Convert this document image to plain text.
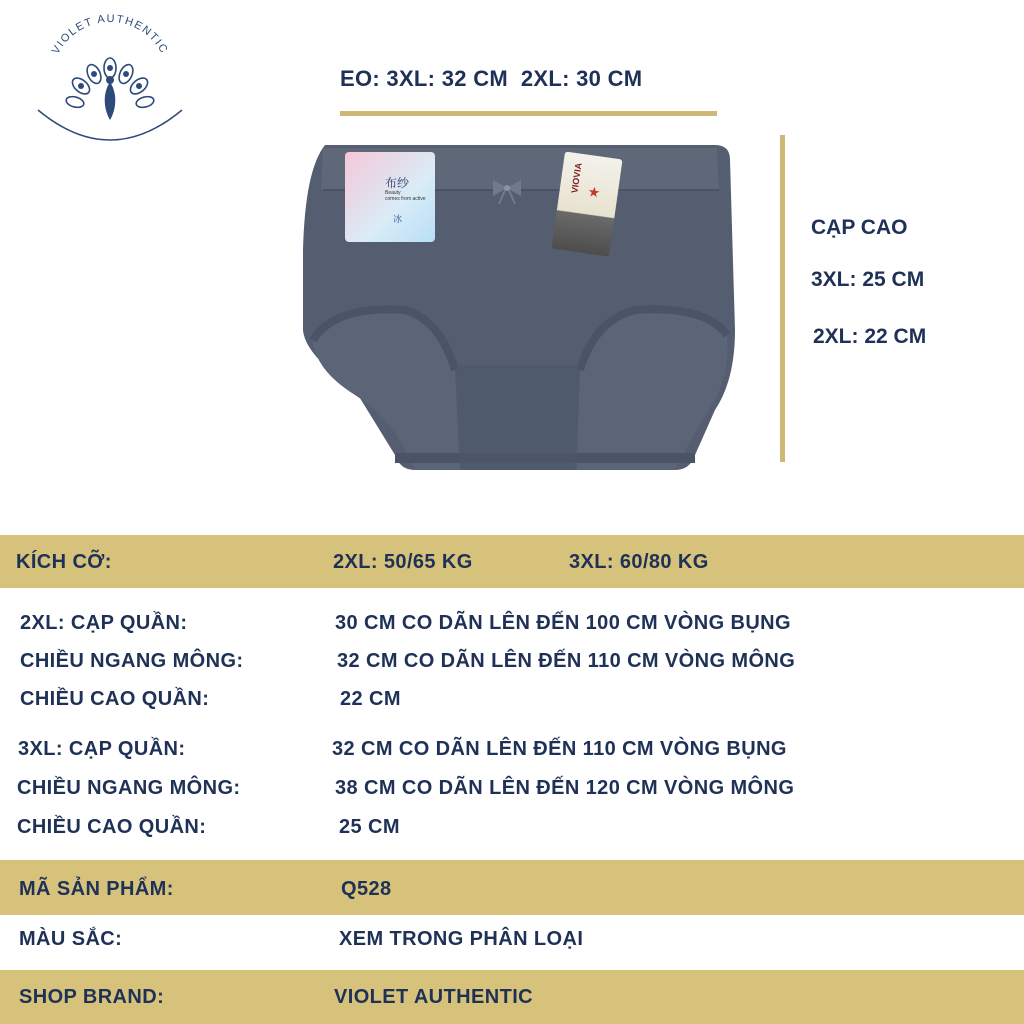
VIOLET AUTHENTIC
EO: 3XL: 32 CM  2XL: 30 CM
布纱
Beauty
comes from active
冰
VIOVIA ★
CẠP CAO
3XL: 25 CM
2XL: 22 CM
KÍCH CỠ:	2XL: 50/65 KG	3XL: 60/80 KG
2XL: CẠP QUẦN:	30 CM CO DÃN LÊN ĐẾN 100 CM VÒNG BỤNG
CHIỀU NGANG MÔNG:	32 CM CO DÃN LÊN ĐẾN 110 CM VÒNG MÔNG
CHIỀU CAO QUẦN:	22 CM
3XL: CẠP QUẦN:	32 CM CO DÃN LÊN ĐẾN 110 CM VÒNG BỤNG
CHIỀU NGANG MÔNG:	38 CM CO DÃN LÊN ĐẾN 120 CM VÒNG MÔNG
CHIỀU CAO QUẦN:	25 CM
MÃ SẢN PHẨM:	Q528
MÀU SẮC:	XEM TRONG PHÂN LOẠI
SHOP BRAND:	VIOLET AUTHENTIC
